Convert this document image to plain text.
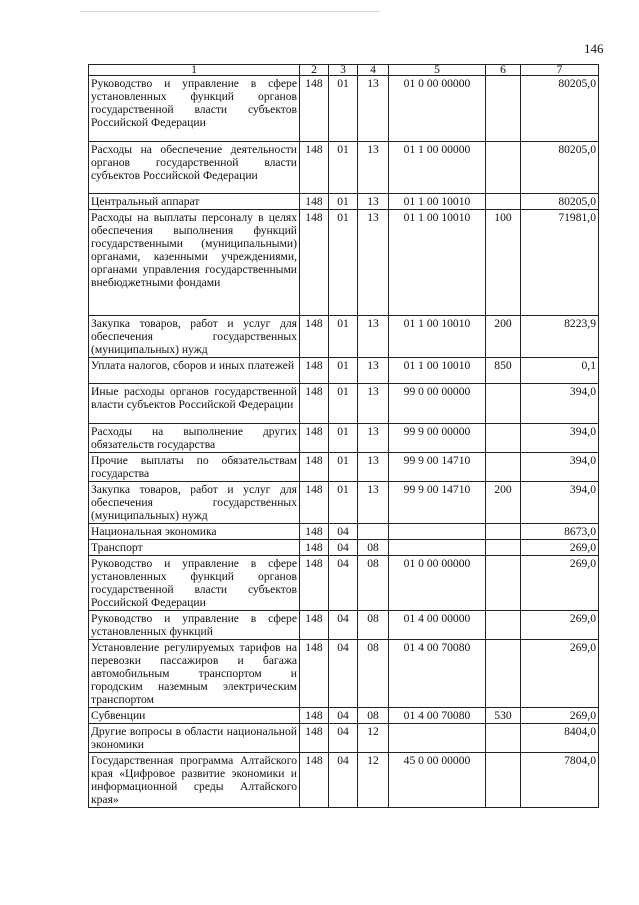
146
1	2	3	4	5	6	7
Руководство и управление в сфере установленных функций органов государственной власти субъектов Российской Федерации	148	01	13	01 0 00 00000		80205,0
Расходы на обеспечение деятельности органов государственной власти субъектов Российской Федерации	148	01	13	01 1 00 00000		80205,0
Центральный аппарат	148	01	13	01 1 00 10010		80205,0
Расходы на выплаты персоналу в целях обеспечения выполнения функций государственными (муниципальными) органами, казенными учреждениями, органами управления государственными внебюджетными фондами	148	01	13	01 1 00 10010	100	71981,0
Закупка товаров, работ и услуг для обеспечения государственных (муниципальных) нужд	148	01	13	01 1 00 10010	200	8223,9
Уплата налогов, сборов и иных платежей	148	01	13	01 1 00 10010	850	0,1
Иные расходы органов государственной власти субъектов Российской Федерации	148	01	13	99 0 00 00000		394,0
Расходы на выполнение других обязательств государства	148	01	13	99 9 00 00000		394,0
Прочие выплаты по обязательствам государства	148	01	13	99 9 00 14710		394,0
Закупка товаров, работ и услуг для обеспечения государственных (муниципальных) нужд	148	01	13	99 9 00 14710	200	394,0
Национальная экономика	148	04				8673,0
Транспорт	148	04	08			269,0
Руководство и управление в сфере установленных функций органов государственной власти субъектов Российской Федерации	148	04	08	01 0 00 00000		269,0
Руководство и управление в сфере установленных функций	148	04	08	01 4 00 00000		269,0
Установление регулируемых тарифов на перевозки пассажиров и багажа автомобильным транспортом и городским наземным электрическим транспортом	148	04	08	01 4 00 70080		269,0
Субвенции	148	04	08	01 4 00 70080	530	269,0
Другие вопросы в области национальной экономики	148	04	12			8404,0
Государственная программа Алтайского края «Цифровое развитие экономики и информационной среды Алтайского края»	148	04	12	45 0 00 00000		7804,0
